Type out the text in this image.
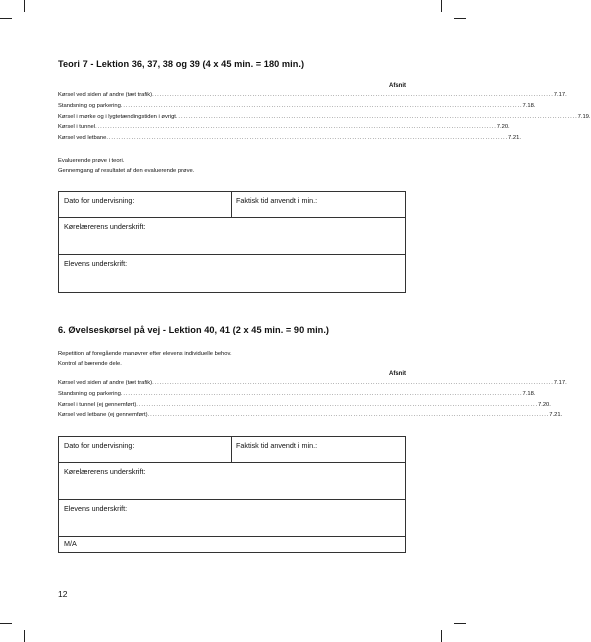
Teori 7 - Lektion 36, 37, 38 og 39 (4 x 45 min. = 180 min.)
Afsnit
Kørsel ved siden af andre (tæt trafik) ................................................................................................................................................................ 7.17.
Standsning og parkering ................................................................................................................................................................ 7.18.
Kørsel i mørke og i lygtetændingstiden i øvrigt ................................................................................................................................................................ 7.19.
Kørsel i tunnel ................................................................................................................................................................ 7.20.
Kørsel ved letbane ................................................................................................................................................................ 7.21.
Evaluerende prøve i teori.
Gennemgang af resultatet af den evaluerende prøve.
Dato for undervisning:	Faktisk tid anvendt i min.:
Kørelærerens underskrift:
Elevens underskrift:
6. Øvelseskørsel på vej - Lektion 40, 41 (2 x 45 min. = 90 min.)
Repetition af foregående manøvrer efter elevens individuelle behov.
Kontrol af bærende dele.
Afsnit
Kørsel ved siden af andre (tæt trafik) ................................................................................................................................................................ 7.17.
Standsning og parkering ................................................................................................................................................................ 7.18.
Kørsel i tunnel (ej gennemført) ................................................................................................................................................................ 7.20.
Kørsel ved letbane (ej gennemført) ................................................................................................................................................................ 7.21.
Dato for undervisning:	Faktisk tid anvendt i min.:
Kørelærerens underskrift:
Elevens underskrift:
M/A
12
